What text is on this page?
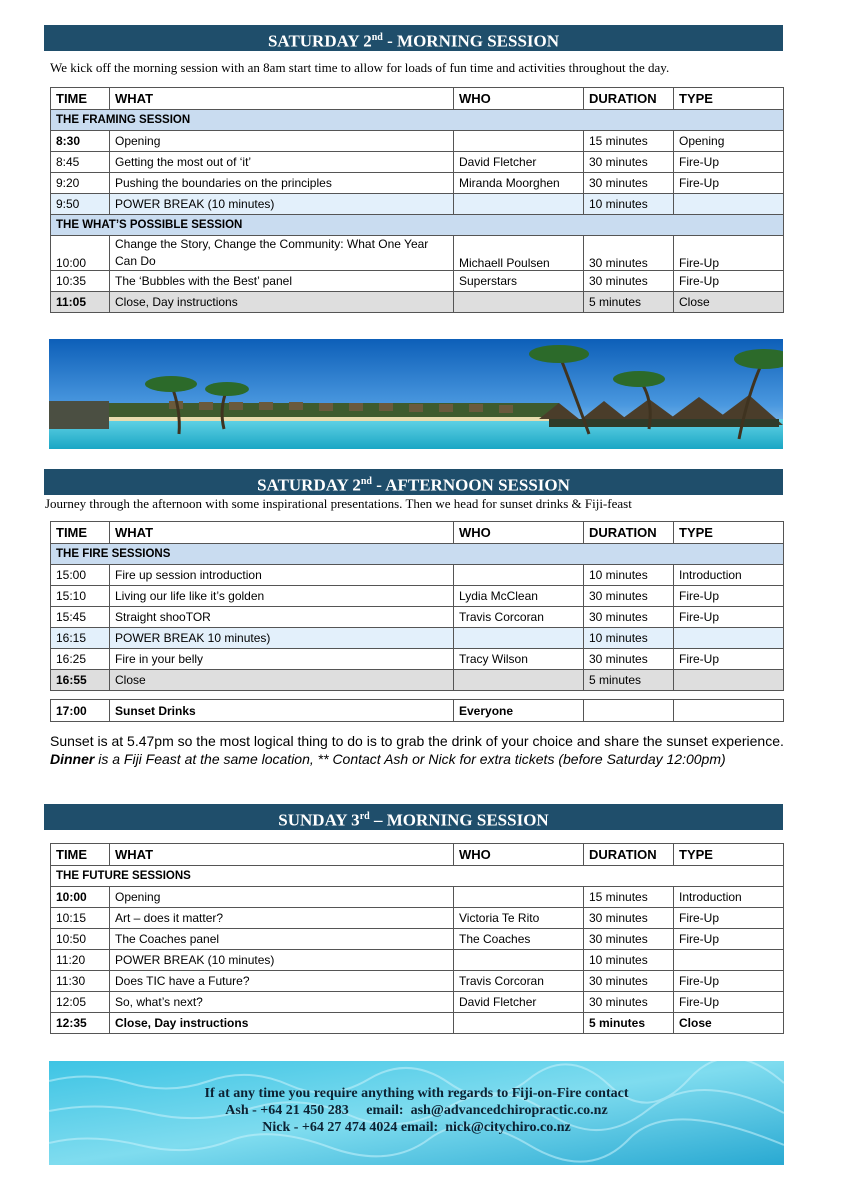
SATURDAY 2nd - MORNING SESSION
We kick off the morning session with an 8am start time to allow for loads of fun time and activities throughout the day.
TIME	WHAT	WHO	DURATION	TYPE
THE FRAMING SESSION				
8:30	Opening		15 minutes	Opening
8:45	Getting the most out of ‘it’	David Fletcher	30 minutes	Fire-Up
9:20	Pushing the boundaries on the principles	Miranda Moorghen	30 minutes	Fire-Up
9:50	POWER BREAK (10 minutes)		10 minutes	
THE WHAT’S POSSIBLE SESSION				
10:00	Change the Story, Change the Community: What One Year Can Do	Michaell Poulsen	30 minutes	Fire-Up
10:35	The ‘Bubbles with the Best’ panel	Superstars	30 minutes	Fire-Up
11:05	Close, Day instructions		5 minutes	Close
SATURDAY 2nd - AFTERNOON SESSION
Journey through the afternoon with some inspirational presentations. Then we head for sunset drinks & Fiji-feast
TIME	WHAT	WHO	DURATION	TYPE
THE FIRE SESSIONS				
15:00	Fire up session introduction		10 minutes	Introduction
15:10	Living our life like it’s golden	Lydia McClean	30 minutes	Fire-Up
15:45	Straight shooTOR	Travis Corcoran	30 minutes	Fire-Up
16:15	POWER BREAK 10 minutes)		10 minutes	
16:25	Fire in your belly	Tracy Wilson	30 minutes	Fire-Up
16:55	Close		5 minutes	
17:00	Sunset Drinks	Everyone		
Sunset is at 5.47pm so the most logical thing to do is to grab the drink of your choice and share the sunset experience.
Dinner is a Fiji Feast at the same location, ** Contact Ash or Nick for extra tickets (before Saturday 12:00pm)
SUNDAY 3rd – MORNING SESSION
TIME	WHAT	WHO	DURATION	TYPE
THE FUTURE SESSIONS				
10:00	Opening		15 minutes	Introduction
10:15	Art – does it matter?	Victoria Te Rito	30 minutes	Fire-Up
10:50	The Coaches panel	The Coaches	30 minutes	Fire-Up
11:20	POWER BREAK (10 minutes)		10 minutes	
11:30	Does TIC have a Future?	Travis Corcoran	30 minutes	Fire-Up
12:05	So, what’s next?	David Fletcher	30 minutes	Fire-Up
12:35	Close, Day instructions		5 minutes	Close
If at any time you require anything with regards to Fiji-on-Fire contact
Ash - +64 21 450 283     email:  ash@advancedchiropractic.co.nz
Nick - +64 27 474 4024 email:  nick@citychiro.co.nz
